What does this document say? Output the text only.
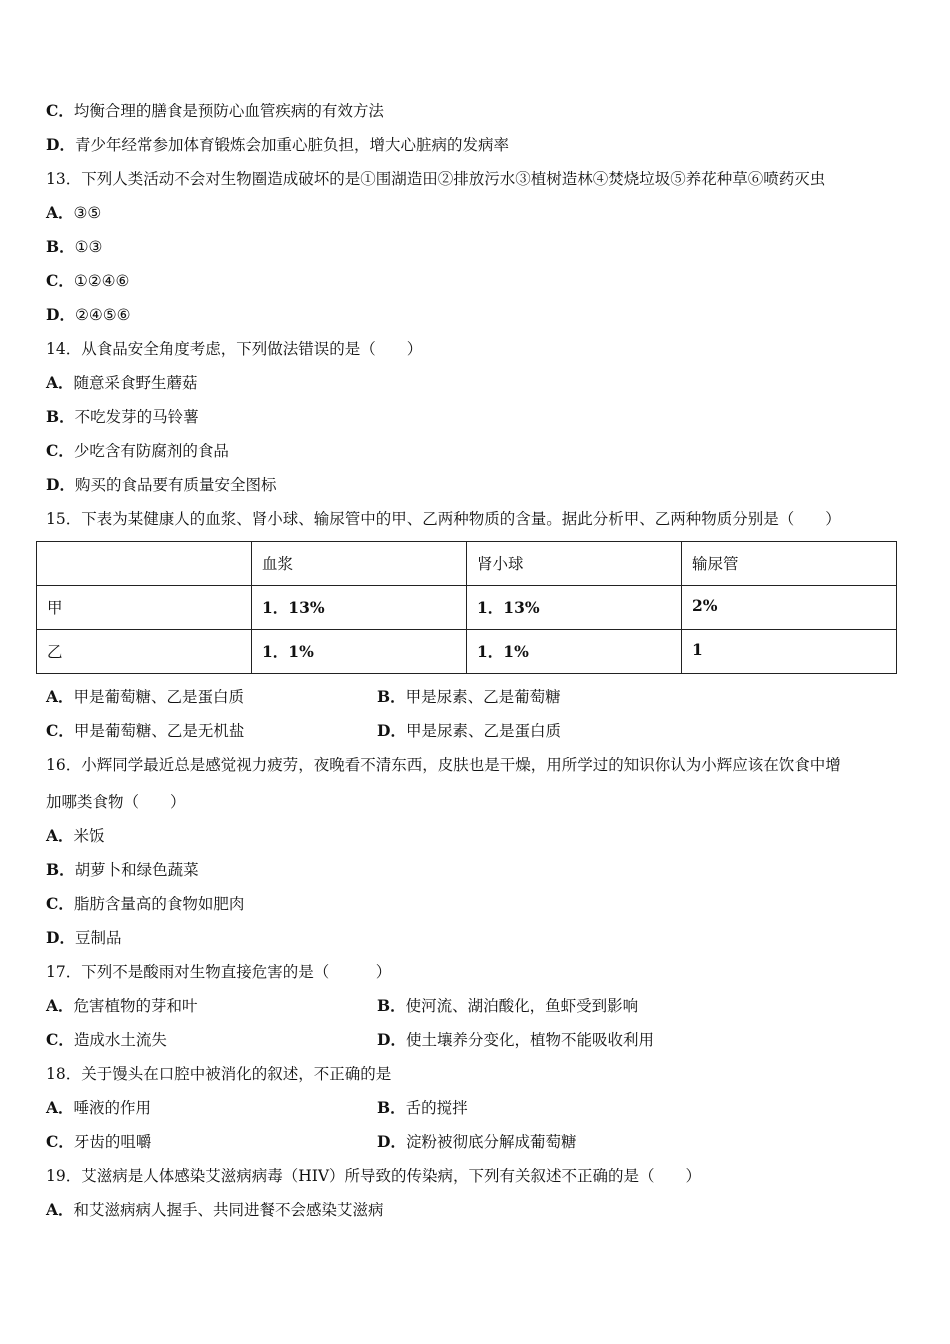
C．均衡合理的膳食是预防心血管疾病的有效方法
D．青少年经常参加体育锻炼会加重心脏负担，增大心脏病的发病率
13．下列人类活动不会对生物圈造成破坏的是①围湖造田②排放污水③植树造林④焚烧垃圾⑤养花种草⑥喷药灭虫
A．③⑤
B．①③
C．①②④⑥
D．②④⑤⑥
14．从食品安全角度考虑，下列做法错误的是（　　）
A．随意采食野生蘑菇
B．不吃发芽的马铃薯
C．少吃含有防腐剂的食品
D．购买的食品要有质量安全图标
15．下表为某健康人的血浆、肾小球、输尿管中的甲、乙两种物质的含量。据此分析甲、乙两种物质分别是（　　）
	血浆	肾小球	输尿管
甲	1．13%	1．13%	2%
乙	1．1%	1．1%	1
A．甲是葡萄糖、乙是蛋白质	B．甲是尿素、乙是葡萄糖
C．甲是葡萄糖、乙是无机盐	D．甲是尿素、乙是蛋白质
16．小辉同学最近总是感觉视力疲劳，夜晚看不清东西，皮肤也是干燥，用所学过的知识你认为小辉应该在饮食中增
加哪类食物（　　）
A．米饭
B．胡萝卜和绿色蔬菜
C．脂肪含量高的食物如肥肉
D．豆制品
17．下列不是酸雨对生物直接危害的是（　　　）
A．危害植物的芽和叶	B．使河流、湖泊酸化，鱼虾受到影响
C．造成水土流失	D．使土壤养分变化，植物不能吸收利用
18．关于馒头在口腔中被消化的叙述，不正确的是
A．唾液的作用	B．舌的搅拌
C．牙齿的咀嚼	D．淀粉被彻底分解成葡萄糖
19．艾滋病是人体感染艾滋病病毒（HIV）所导致的传染病，下列有关叙述不正确的是（　　）
A．和艾滋病病人握手、共同进餐不会感染艾滋病
